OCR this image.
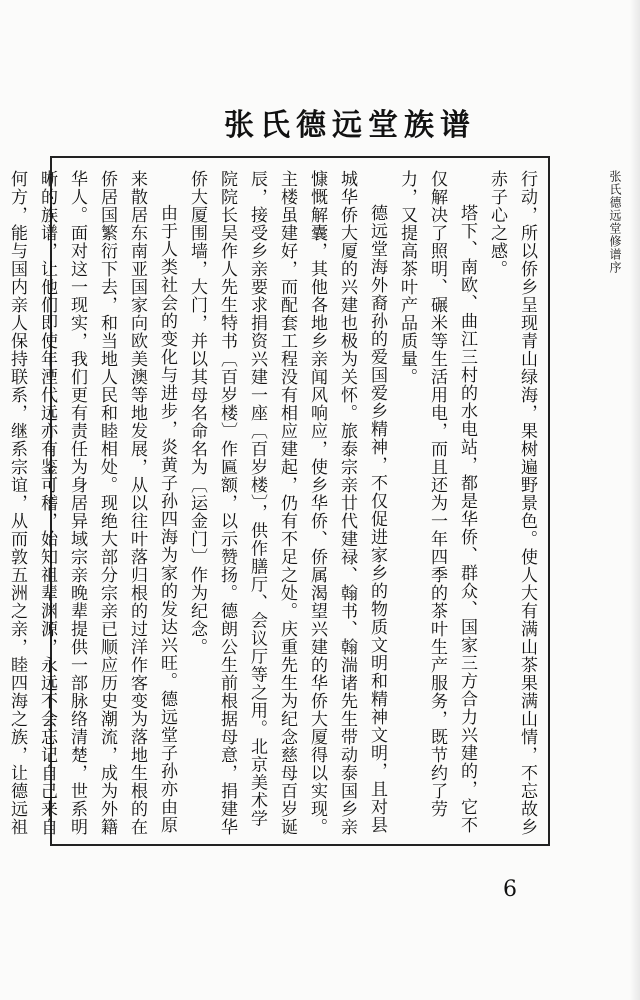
张氏德远堂族谱
张氏德远堂修谱序

行动，所以侨乡呈现青山绿海，果树遍野景色。使人大有满山茶果满山情，不忘故乡赤子心之感。

塔下、南欧、曲江三村的水电站，都是华侨、群众、国家三方合力兴建的，它不仅解决了照明、碾米等生活用电，而且还为一年四季的茶叶生产服务，既节约了劳力，又提高茶叶产品质量。

德远堂海外裔孙的爱国爱乡精神，不仅促进家乡的物质文明和精神文明，且对县城华侨大厦的兴建也极为关怀。旅泰宗亲廿代建禄、翰书、翰湍诸先生带动泰国乡亲慷慨解囊，其他各地乡亲闻风响应，使乡华侨、侨属渴望兴建的华侨大厦得以实现。主楼虽建好，而配套工程没有相应建起，仍有不足之处。庆重先生为纪念慈母百岁诞辰，接受乡亲要求捐资兴建一座〔百岁楼〕，供作膳厅、会议厅等之用。北京美术学院院长吴作人先生特书〔百岁楼〕作匾额，以示赞扬。德朗公生前根据母意，捐建华侨大厦围墙，大门，并以其母名命名为〔运金门〕作为纪念。

由于人类社会的变化与进步，炎黄子孙四海为家的发达兴旺。德远堂子孙亦由原来散居东南亚国家向欧美澳等地发展，从以往叶落归根的过洋作客变为落地生根的在侨居国繁衍下去，和当地人民和睦相处。现绝大部分宗亲已顺应历史潮流，成为外籍华人。面对这一现实，我们更有责任为身居异域宗亲晚辈提供一部脉络清楚，世系明晰的族谱，让他们即使年湮代远亦有鉴可稽，始知祖辈渊源，永远不会忘记自己来自何方，能与国内亲人保持联系，继系宗谊，从而敦五洲之亲，睦四海之族，让德远祖

6
